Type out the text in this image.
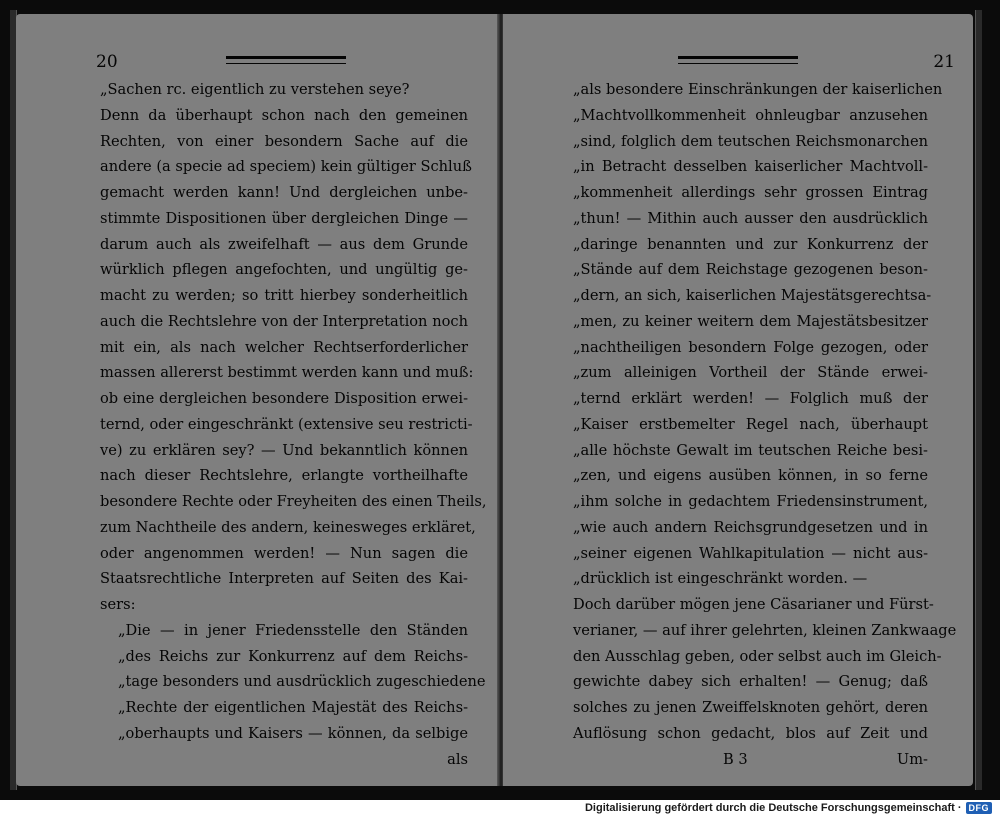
20
„Sachen rc. eigentlich zu verstehen seye?
Denn da überhaupt schon nach den gemeinen
Rechten, von einer besondern Sache auf die
andere (a specie ad speciem) kein gültiger Schluß
gemacht werden kann! Und dergleichen unbe-
stimmte Dispositionen über dergleichen Dinge —
darum auch als zweifelhaft — aus dem Grunde
würklich pflegen angefochten, und ungültig ge-
macht zu werden; so tritt hierbey sonderheitlich
auch die Rechtslehre von der Interpretation noch
mit ein, als nach welcher Rechtserforderlicher
massen allererst bestimmt werden kann und muß:
ob eine dergleichen besondere Disposition erwei-
ternd, oder eingeschränkt (extensive seu restricti-
ve) zu erklären sey? — Und bekanntlich können
nach dieser Rechtslehre, erlangte vortheilhafte
besondere Rechte oder Freyheiten des einen Theils,
zum Nachtheile des andern, keinesweges erkläret,
oder angenommen werden! — Nun sagen die
Staatsrechtliche Interpreten auf Seiten des Kai-
sers:
„Die — in jener Friedensstelle den Ständen
„des Reichs zur Konkurrenz auf dem Reichs-
„tage besonders und ausdrücklich zugeschiedene
„Rechte der eigentlichen Majestät des Reichs-
„oberhaupts und Kaisers — können, da selbige
als
21
„als besondere Einschränkungen der kaiserlichen
„Machtvollkommenheit ohnleugbar anzusehen
„sind, folglich dem teutschen Reichsmonarchen
„in Betracht desselben kaiserlicher Machtvoll-
„kommenheit allerdings sehr grossen Eintrag
„thun! — Mithin auch ausser den ausdrücklich
„daringe benannten und zur Konkurrenz der
„Stände auf dem Reichstage gezogenen beson-
„dern, an sich, kaiserlichen Majestätsgerechtsa-
„men, zu keiner weitern dem Majestätsbesitzer
„nachtheiligen besondern Folge gezogen, oder
„zum alleinigen Vortheil der Stände erwei-
„ternd erklärt werden! — Folglich muß der
„Kaiser erstbemelter Regel nach, überhaupt
„alle höchste Gewalt im teutschen Reiche besi-
„zen, und eigens ausüben können, in so ferne
„ihm solche in gedachtem Friedensinstrument,
„wie auch andern Reichsgrundgesetzen und in
„seiner eigenen Wahlkapitulation — nicht aus-
„drücklich ist eingeschränkt worden. —
Doch darüber mögen jene Cäsarianer und Fürst-
verianer, — auf ihrer gelehrten, kleinen Zankwaage
den Ausschlag geben, oder selbst auch im Gleich-
gewichte dabey sich erhalten! — Genug; daß
solches zu jenen Zweiffelsknoten gehört, deren
Auflösung schon gedacht, blos auf Zeit und
B 3	Um-
Digitalisierung gefördert durch die Deutsche Forschungsgemeinschaft · DFG
